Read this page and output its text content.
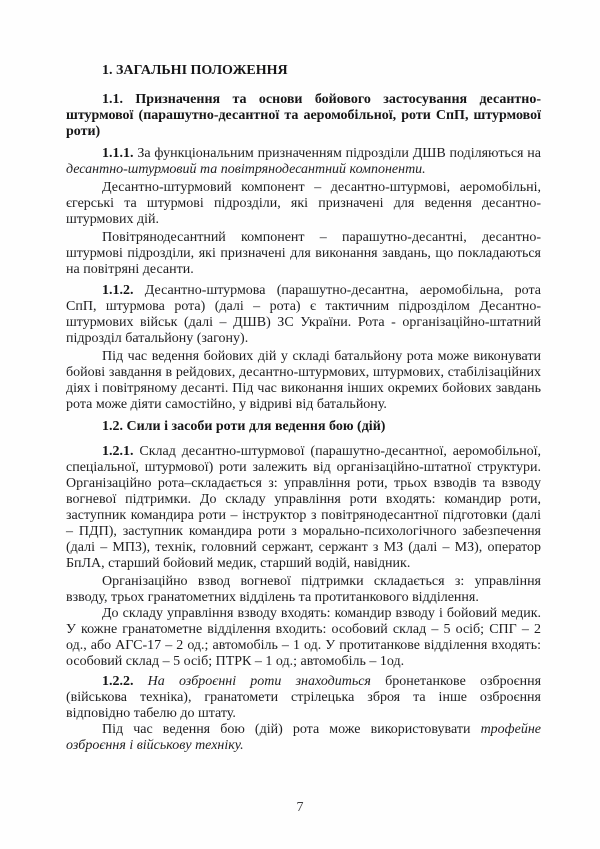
1. ЗАГАЛЬНІ ПОЛОЖЕННЯ

1.1. Призначення та основи бойового застосування десантно-штурмової (парашутно-десантної та аеромобільної, роти СпП, штурмової роти)

1.1.1. За функціональним призначенням підрозділи ДШВ поділяються на десантно-штурмовий та повітрянодесантний компоненти.

Десантно-штурмовий компонент – десантно-штурмові, аеромобільні, єгерські та штурмові підрозділи, які призначені для ведення десантно-штурмових дій.

Повітрянодесантний компонент – парашутно-десантні, десантно-штурмові підрозділи, які призначені для виконання завдань, що покладаються на повітряні десанти.

1.1.2. Десантно-штурмова (парашутно-десантна, аеромобільна, рота СпП, штурмова рота) (далі – рота) є тактичним підрозділом Десантно-штурмових військ (далі – ДШВ) ЗС України. Рота - організаційно-штатний підрозділ батальйону (загону).

Під час ведення бойових дій у складі батальйону рота може виконувати бойові завдання в рейдових, десантно-штурмових, штурмових, стабілізаційних діях і повітряному десанті. Під час виконання інших окремих бойових завдань рота може діяти самостійно, у відриві від батальйону.

1.2. Сили і засоби роти для ведення бою (дій)

1.2.1. Склад десантно-штурмової (парашутно-десантної, аеромобільної, спеціальної, штурмової) роти залежить від організаційно-штатної структури. Організаційно рота–складається з: управління роти, трьох взводів та взводу вогневої підтримки. До складу управління роти входять: командир роти, заступник командира роти – інструктор з повітрянодесантної підготовки (далі – ПДП), заступник командира роти з морально-психологічного забезпечення (далі – МПЗ), технік, головний сержант, сержант з МЗ (далі – МЗ), оператор БпЛА, старший бойовий медик, старший водій, навідник.

Організаційно взвод вогневої підтримки складається з: управління взводу, трьох гранатометних відділень та протитанкового відділення.

До складу управління взводу входять: командир взводу і бойовий медик. У кожне гранатометне відділення входить: особовий склад – 5 осіб; СПГ – 2 од., або АГС-17 – 2 од.; автомобіль – 1 од. У протитанкове відділення входять: особовий склад – 5 осіб; ПТРК – 1 од.; автомобіль – 1од.

1.2.2. На озброєнні роти знаходиться бронетанкове озброєння (військова техніка), гранатомети стрілецька зброя та інше озброєння відповідно табелю до штату.

Під час ведення бою (дій) рота може використовувати трофейне озброєння і військову техніку.

7
